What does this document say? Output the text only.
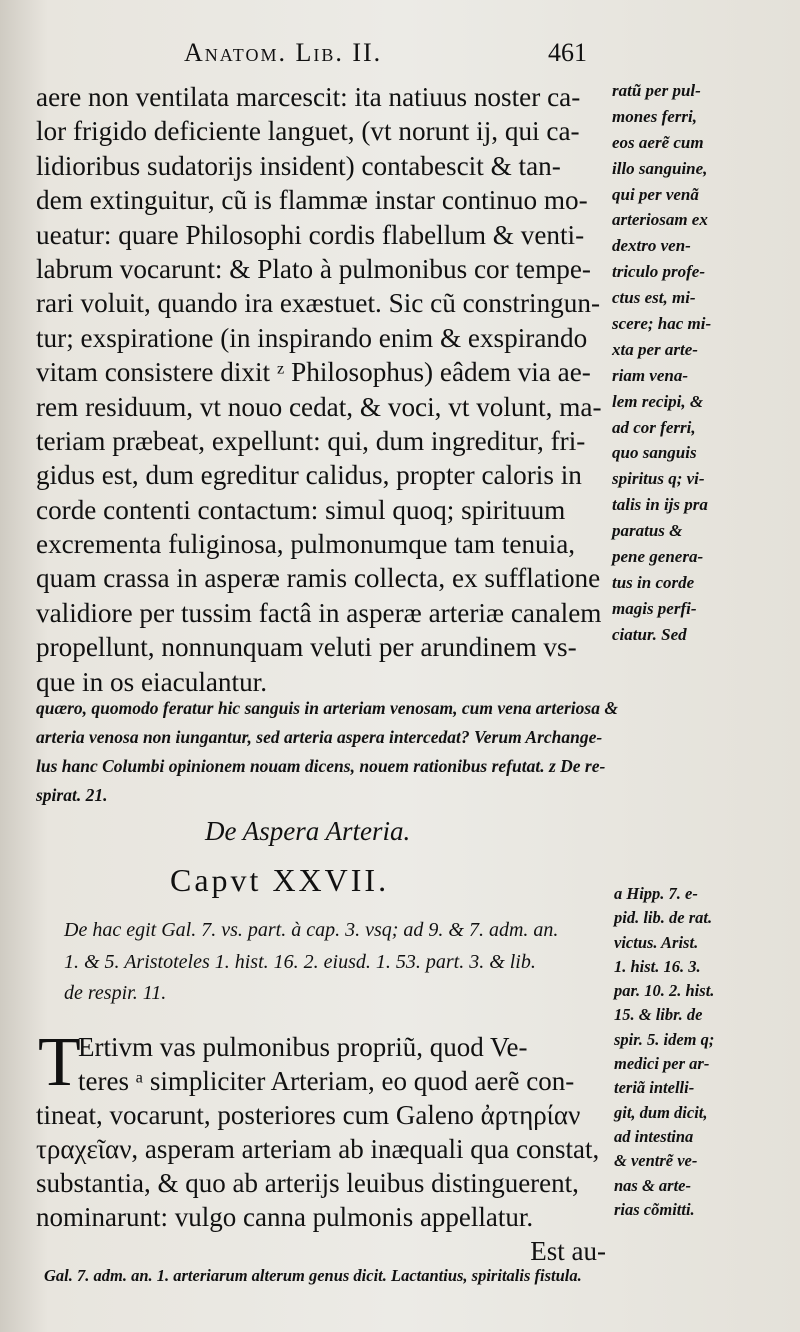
Anatom. Lib. II.	461
aere non ventilata marcescit: ita natiuus noster ca-
lor frigido deficiente languet, (vt norunt ij, qui ca-
lidioribus sudatorijs insident) contabescit & tan-
dem extinguitur, cũ is flammæ instar continuo mo-
ueatur: quare Philosophi cordis flabellum & venti-
labrum vocarunt: & Plato à pulmonibus cor tempe-
rari voluit, quando ira exæstuet. Sic cũ constringun-
tur; exspiratione (in inspirando enim & exspirando
vitam consistere dixit ᶻ Philosophus) eâdem via ae-
rem residuum, vt nouo cedat, & voci, vt volunt, ma-
teriam præbeat, expellunt: qui, dum ingreditur, fri-
gidus est, dum egreditur calidus, propter caloris in
corde contenti contactum: simul quoq; spirituum
excrementa fuliginosa, pulmonumque tam tenuia,
quam crassa in asperæ ramis collecta, ex sufflatione
validiore per tussim factâ in asperæ arteriæ canalem
propellunt, nonnunquam veluti per arundinem vs-
que in os eiaculantur.
ratũ per pul-
mones ferri,
eos aerẽ cum
illo sanguine,
qui per venã
arteriosam ex
dextro ven-
triculo profe-
ctus est, mi-
scere; hac mi-
xta per arte-
riam vena-
lem recipi, &
ad cor ferri,
quo sanguis
spiritus q; vi-
talis in ijs pra
paratus &
pene genera-
tus in corde
magis perfi-
ciatur. Sed
quæro, quomodo feratur hic sanguis in arteriam venosam, cum vena arteriosa &
arteria venosa non iungantur, sed arteria aspera intercedat? Verum Archange-
lus hanc Columbi opinionem nouam dicens, nouem rationibus refutat. z De re-
spirat. 21.
De Aspera Arteria.
Capvt XXVII.
De hac egit Gal. 7. vs. part. à cap. 3. vsq; ad 9. & 7. adm. an.
1. & 5. Aristoteles 1. hist. 16. 2. eiusd. 1. 53. part. 3. & lib.
de respir. 11.
a Hipp. 7. e-
pid. lib. de rat.
victus. Arist.
1. hist. 16. 3.
par. 10. 2. hist.
15. & libr. de
spir. 5. idem q;
medici per ar-
teriã intelli-
git, dum dicit,
ad intestina
& ventrẽ ve-
nas & arte-
rias cõmitti.
T
Ertivm vas pulmonibus propriũ, quod Ve-
teres ᵃ simpliciter Arteriam, eo quod aerẽ con-
tineat, vocarunt, posteriores cum Galeno ἀρτηρίαν
τραχεῖαν, asperam arteriam ab inæquali qua constat,
substantia, & quo ab arterijs leuibus distinguerent,
nominarunt: vulgo canna pulmonis appellatur.
Est au-
Gal. 7. adm. an. 1. arteriarum alterum genus dicit. Lactantius, spiritalis fistula.
